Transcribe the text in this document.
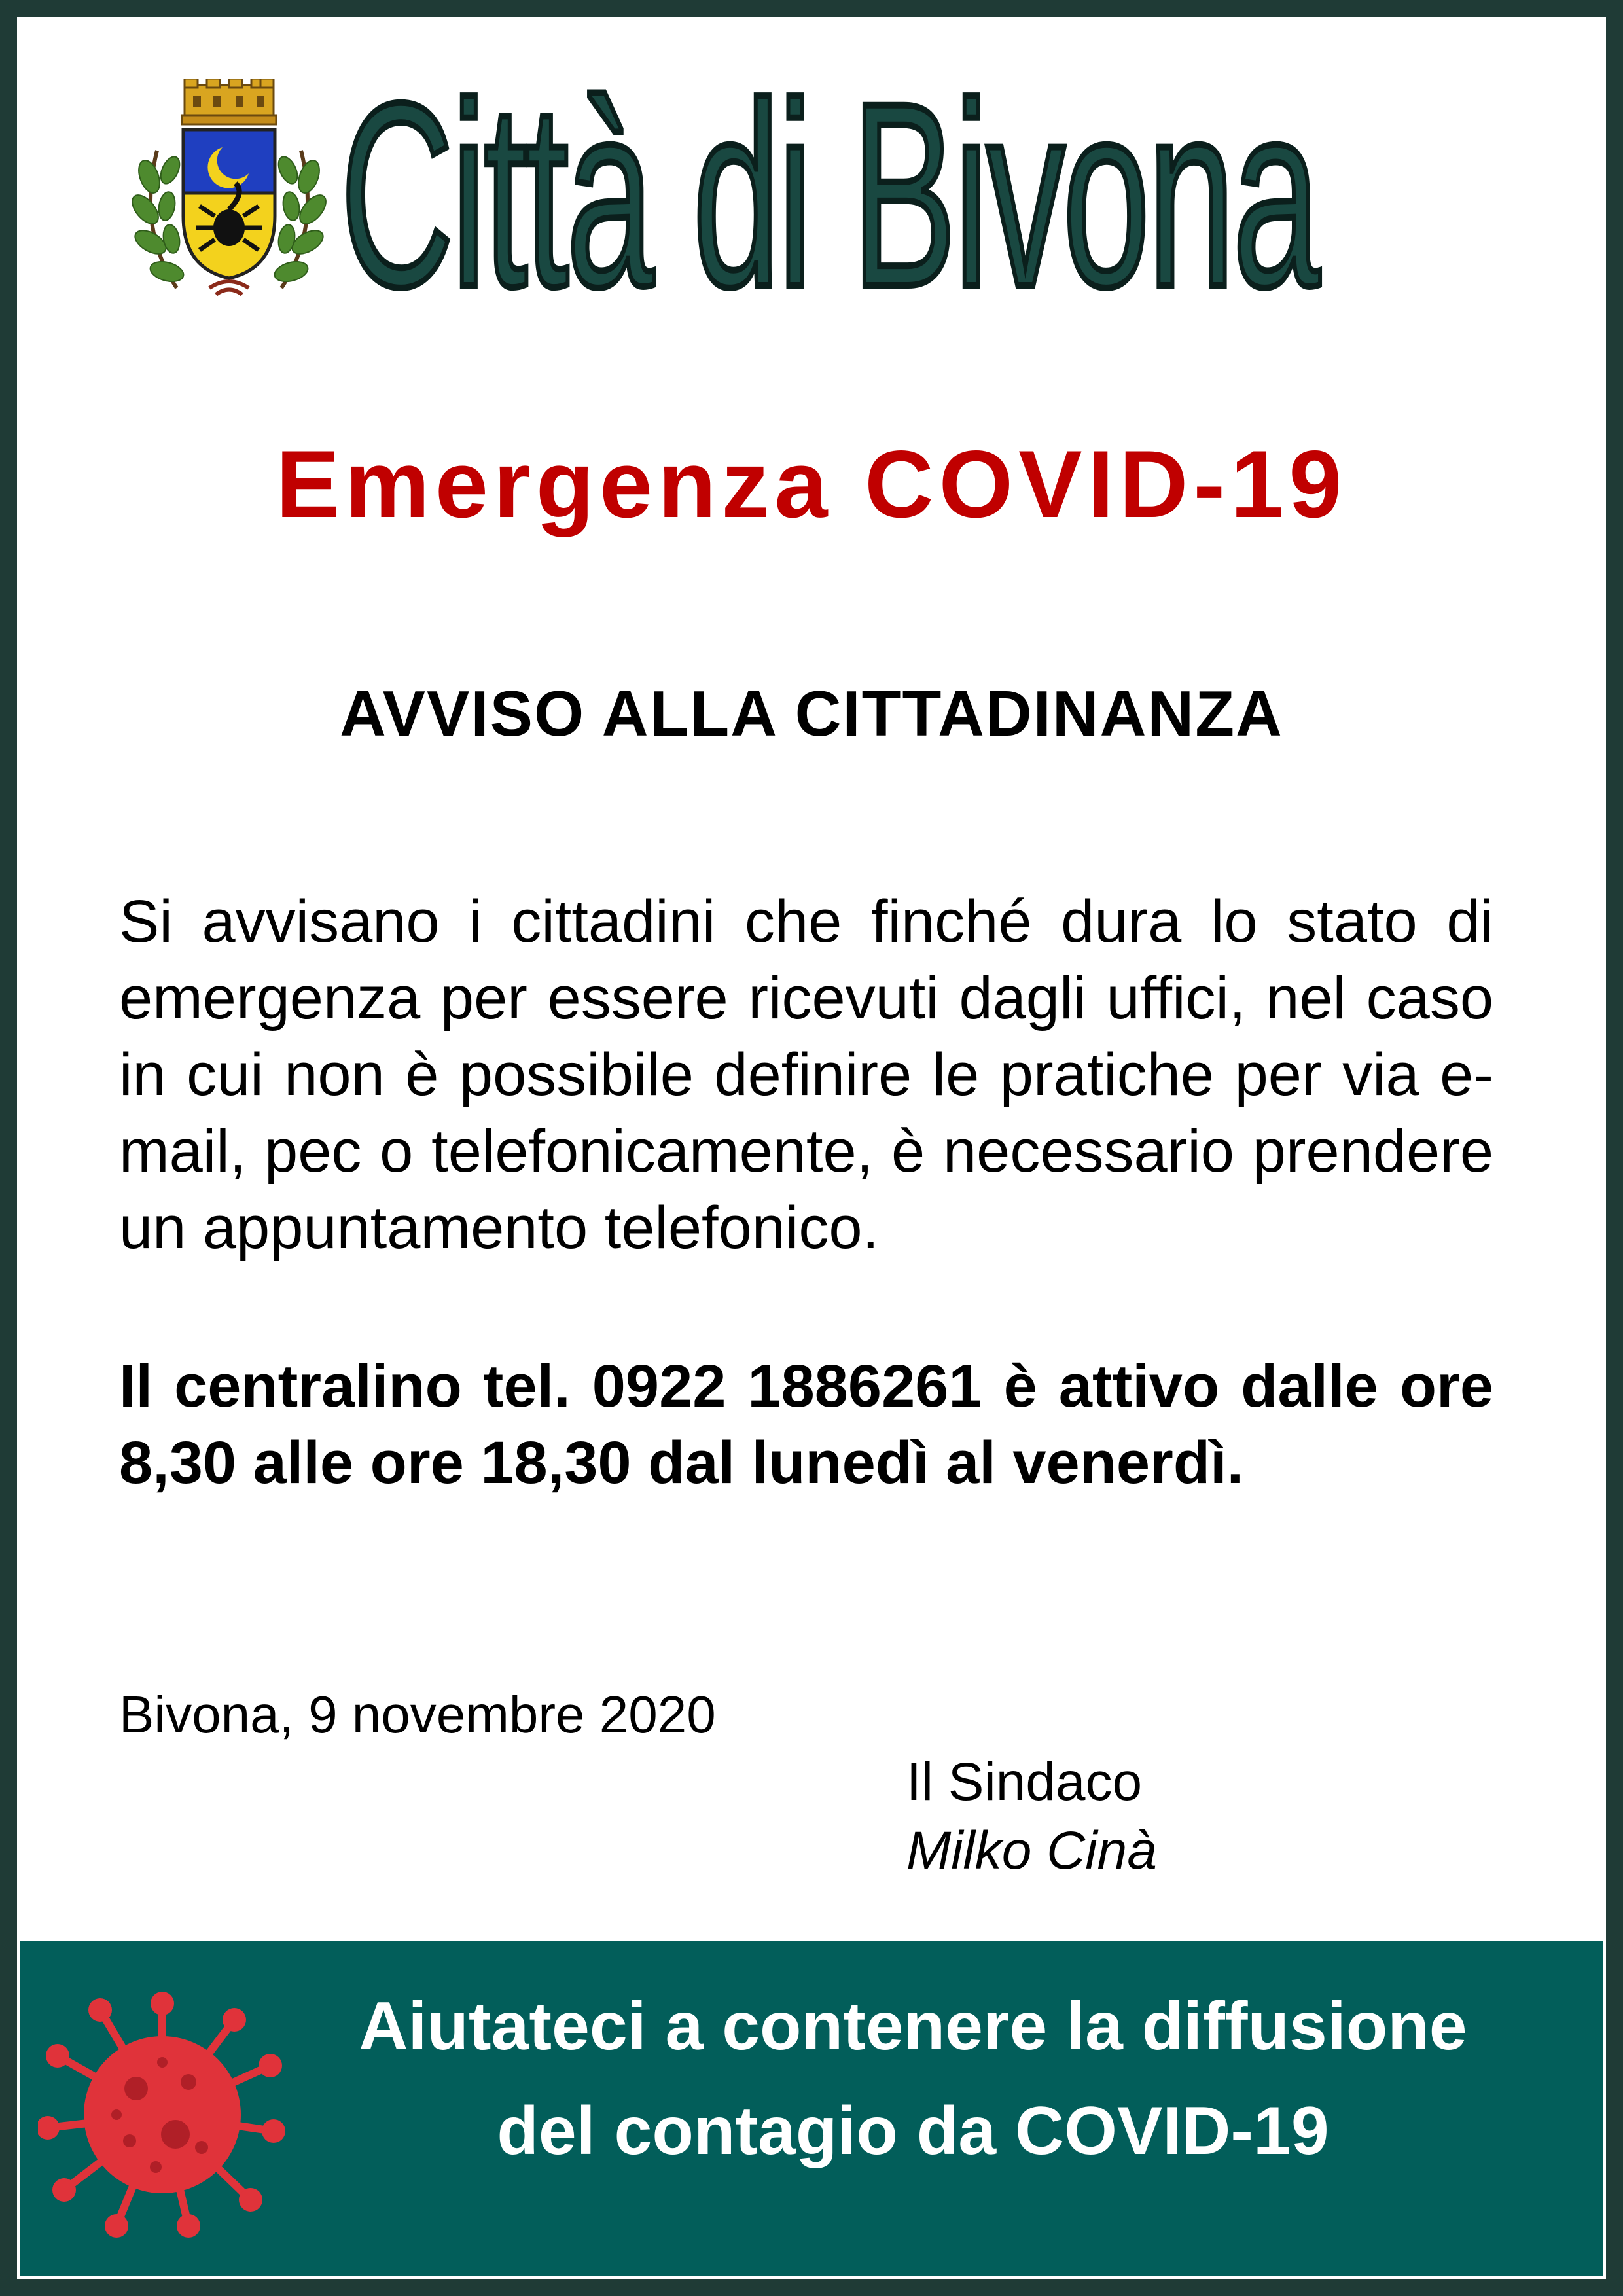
Città di Bivona
Emergenza COVID-19
AVVISO ALLA CITTADINANZA
Si avvisano i cittadini che finché dura lo stato di emergenza per essere ricevuti dagli uffici, nel caso in cui non è possibile definire le pratiche per via e-mail, pec o telefonicamente, è necessario prendere un appuntamento telefonico.
Il centralino tel. 0922 1886261 è attivo dalle ore 8,30 alle ore 18,30 dal lunedì al venerdì.
Bivona, 9 novembre 2020
Il Sindaco
Milko Cinà
Aiutateci a contenere la diffusione
del contagio da COVID-19
